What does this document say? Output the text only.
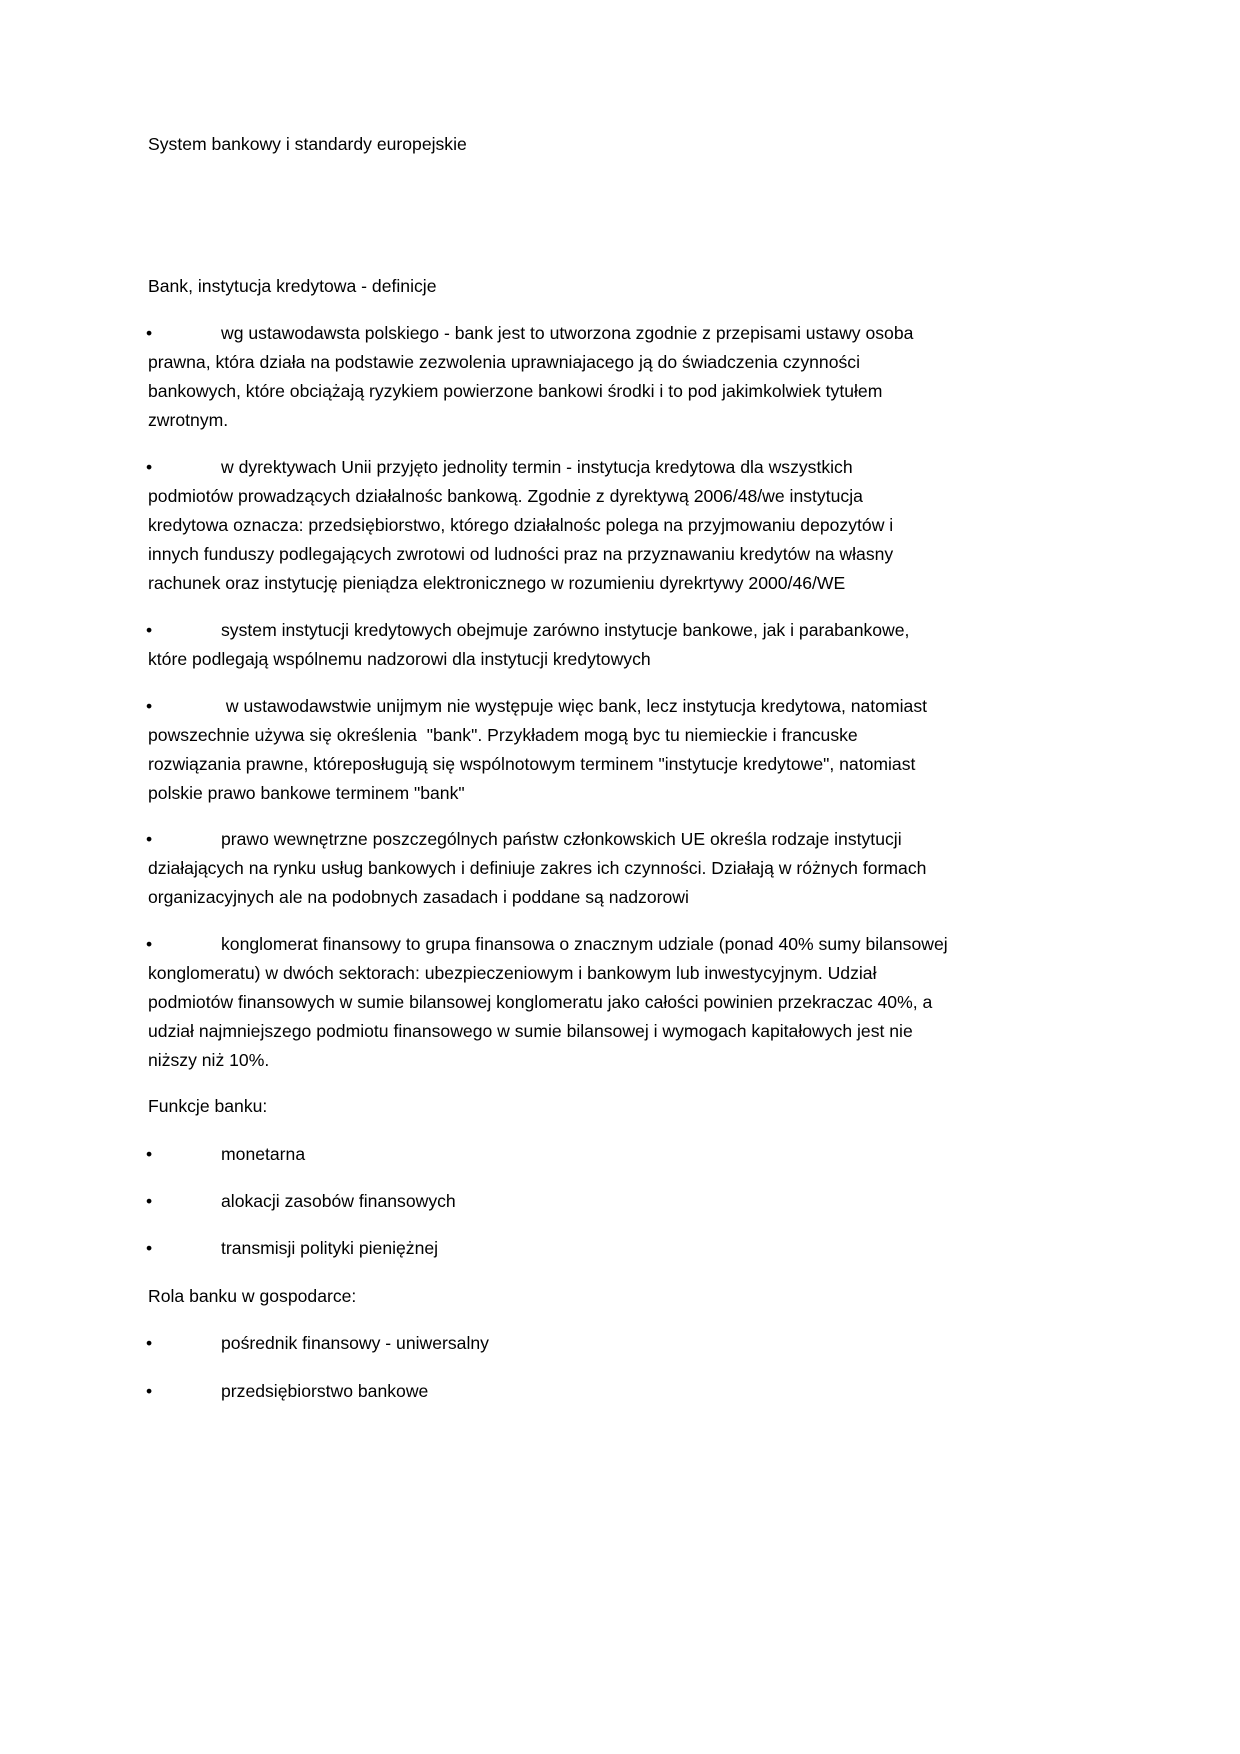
System bankowy i standardy europejskie
Bank, instytucja kredytowa - definicje
•	wg ustawodawsta polskiego - bank jest to utworzona zgodnie z przepisami ustawy osoba
prawna, która działa na podstawie zezwolenia uprawniajacego ją do świadczenia czynności
bankowych, które obciążają ryzykiem powierzone bankowi środki i to pod jakimkolwiek tytułem
zwrotnym.
•	w dyrektywach Unii przyjęto jednolity termin - instytucja kredytowa dla wszystkich
podmiotów prowadzących działalnośc bankową. Zgodnie z dyrektywą 2006/48/we instytucja
kredytowa oznacza: przedsiębiorstwo, którego działalnośc polega na przyjmowaniu depozytów i
innych funduszy podlegających zwrotowi od ludności praz na przyznawaniu kredytów na własny
rachunek oraz instytucję pieniądza elektronicznego w rozumieniu dyrekrtywy 2000/46/WE
•	system instytucji kredytowych obejmuje zarówno instytucje bankowe, jak i parabankowe,
które podlegają wspólnemu nadzorowi dla instytucji kredytowych
•	w ustawodawstwie unijmym nie występuje więc bank, lecz instytucja kredytowa, natomiast
powszechnie używa się określenia  "bank". Przykładem mogą byc tu niemieckie i francuske
rozwiązania prawne, któreposługują się wspólnotowym terminem "instytucje kredytowe", natomiast
polskie prawo bankowe terminem "bank"
•	prawo wewnętrzne poszczególnych państw członkowskich UE określa rodzaje instytucji
działających na rynku usług bankowych i definiuje zakres ich czynności. Działają w różnych formach
organizacyjnych ale na podobnych zasadach i poddane są nadzorowi
•	konglomerat finansowy to grupa finansowa o znacznym udziale (ponad 40% sumy bilansowej
konglomeratu) w dwóch sektorach: ubezpieczeniowym i bankowym lub inwestycyjnym. Udział
podmiotów finansowych w sumie bilansowej konglomeratu jako całości powinien przekraczac 40%, a
udział najmniejszego podmiotu finansowego w sumie bilansowej i wymogach kapitałowych jest nie
niższy niż 10%.
Funkcje banku:
•	monetarna
•	alokacji zasobów finansowych
•	transmisji polityki pieniężnej
Rola banku w gospodarce:
•	pośrednik finansowy - uniwersalny
•	przedsiębiorstwo bankowe
